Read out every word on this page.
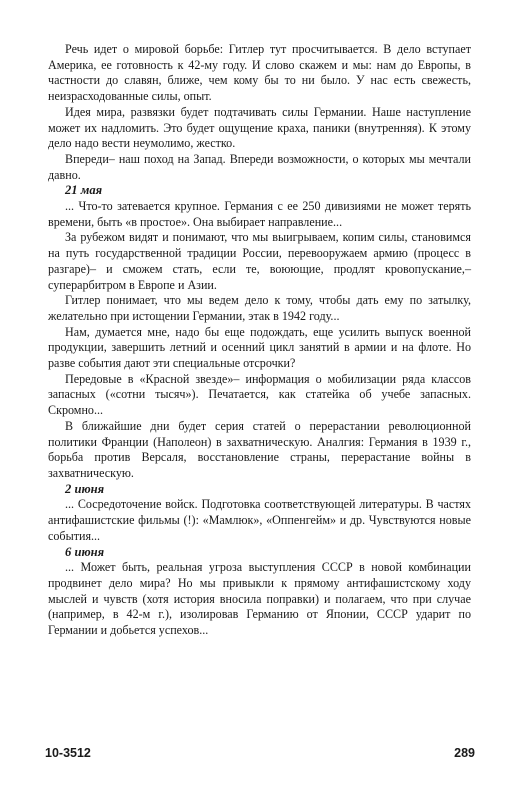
Речь идет о мировой борьбе: Гитлер тут просчитывается. В дело вступает Америка, ее готовность к 42-му году. И слово скажем и мы: нам до Европы, в частности до славян, ближе, чем кому бы то ни было. У нас есть свежесть, неизрасходованные силы, опыт.

Идея мира, развязки будет подтачивать силы Германии. Наше наступление может их надломить. Это будет ощущение краха, паники (внутренняя). К этому дело надо вести неумолимо, жестко.

Впереди– наш поход на Запад. Впереди возможности, о которых мы мечтали давно.

21 мая

... Что-то затевается крупное. Германия с ее 250 дивизиями не может терять времени, быть «в простое». Она выбирает направление...

За рубежом видят и понимают, что мы выигрываем, копим силы, становимся на путь государственной традиции России, перевооружаем армию (процесс в разгаре)– и сможем стать, если те, воюющие, продлят кровопускание,– суперарбитром в Европе и Азии.

Гитлер понимает, что мы ведем дело к тому, чтобы дать ему по затылку, желательно при истощении Германии, этак в 1942 году...

Нам, думается мне, надо бы еще подождать, еще усилить выпуск военной продукции, завершить летний и осенний цикл занятий в армии и на флоте. Но разве события дают эти специальные отсрочки?

Передовые в «Красной звезде»– информация о мобилизации ряда классов запасных («сотни тысяч»). Печатается, как статейка об учебе запасных. Скромно...

В ближайшие дни будет серия статей о перерастании революционной политики Франции (Наполеон) в захватническую. Аналгия: Германия в 1939 г., борьба против Версаля, восстановление страны, перерастание войны в захватническую.

2 июня

... Сосредоточение войск. Подготовка соответствующей литературы. В частях антифашистские фильмы (!): «Мамлюк», «Оппенгейм» и др. Чувствуются новые события...

6 июня

... Может быть, реальная угроза выступления СССР в новой комбинации продвинет дело мира? Но мы привыкли к прямому антифашистскому ходу мыслей и чувств (хотя история вносила поправки) и полагаем, что при случае (например, в 42-м г.), изолировав Германию от Японии, СССР ударит по Германии и добьется успехов...

10-3512	289
